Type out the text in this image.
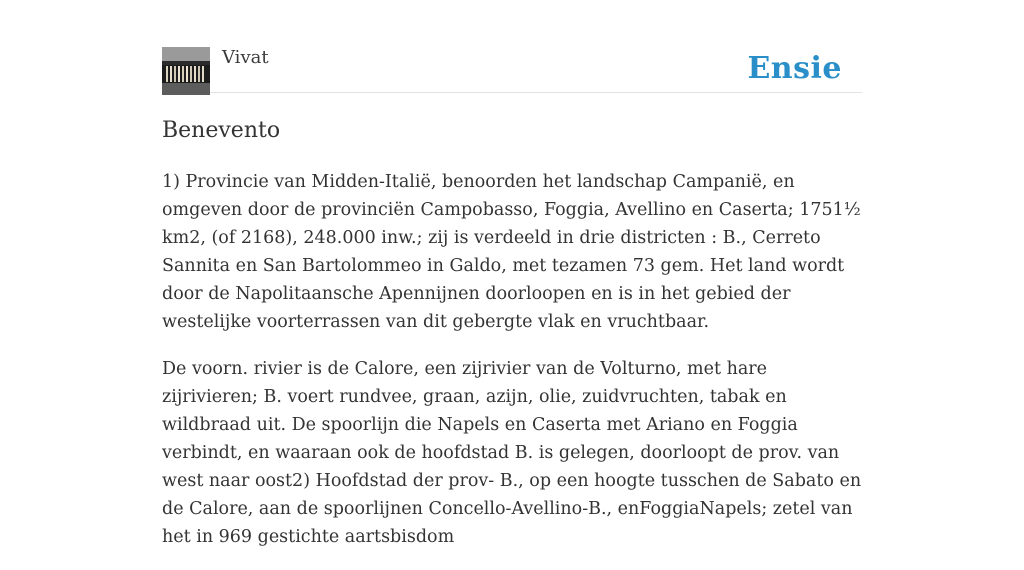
Vivat	Ensie
Benevento

1) Provincie van Midden-Italië, benoorden het landschap Campanië, en omgeven door de provinciën Campobasso, Foggia, Avellino en Caserta; 1751½ km2, (of 2168), 248.000 inw.; zij is verdeeld in drie districten : B., Cerreto Sannita en San Bartolommeo in Galdo, met tezamen 73 gem. Het land wordt door de Napolitaansche Apennijnen doorloopen en is in het gebied der westelijke voorterrassen van dit gebergte vlak en vruchtbaar.

De voorn. rivier is de Calore, een zijrivier van de Volturno, met hare zijrivieren; B. voert rundvee, graan, azijn, olie, zuidvruchten, tabak en wildbraad uit. De spoorlijn die Napels en Caserta met Ariano en Foggia verbindt, en waaraan ook de hoofdstad B. is gelegen, doorloopt de prov. van west naar oost2) Hoofdstad der prov- B., op een hoogte tusschen de Sabato en de Calore, aan de spoorlijnen Concello-Avellino-B., enFoggiaNapels; zetel van het in 969 gestichte aartsbisdom
